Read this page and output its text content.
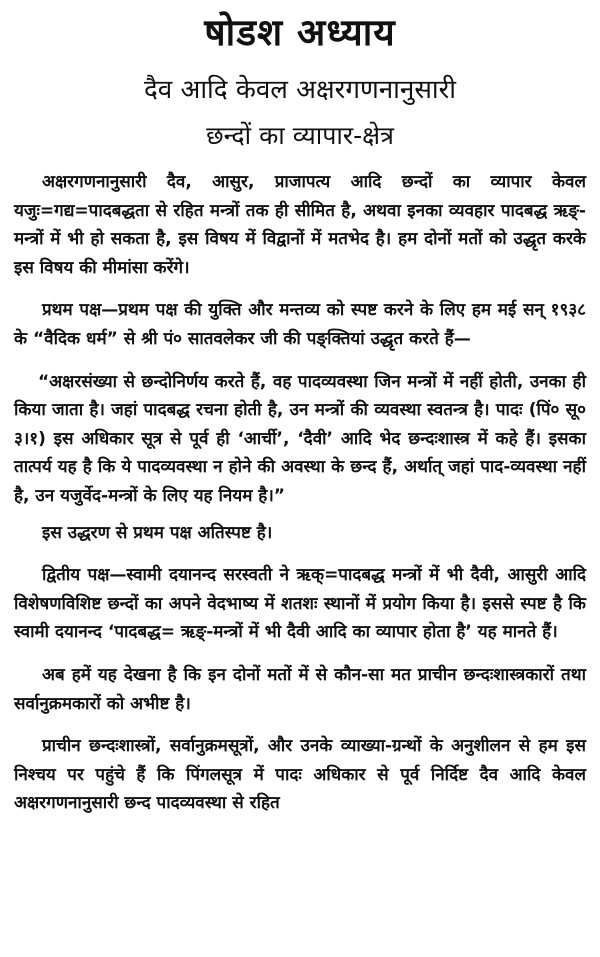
षोडश अध्याय
दैव आदि केवल अक्षरगणनानुसारी
छन्दों का व्यापार-क्षेत्र

अक्षरगणनानुसारी दैव, आसुर, प्राजापत्य आदि छन्दों का व्यापार केवल यजुः=गद्य=पादबद्धता से रहित मन्त्रों तक ही सीमित है, अथवा इनका व्यवहार पादबद्ध ऋङ्-मन्त्रों में भी हो सकता है, इस विषय में विद्वानों में मतभेद है। हम दोनों मतों को उद्धृत करके इस विषय की मीमांसा करेंगे।

प्रथम पक्ष—प्रथम पक्ष की युक्ति और मन्तव्य को स्पष्ट करने के लिए हम मई सन् १९३८ के “वैदिक धर्म” से श्री पं० सातवलेकर जी की पङ्क्तियां उद्धृत करते हैं—

“अक्षरसंख्या से छन्दोनिर्णय करते हैं, वह पादव्यवस्था जिन मन्त्रों में नहीं होती, उनका ही किया जाता है। जहां पादबद्ध रचना होती है, उन मन्त्रों की व्यवस्था स्वतन्त्र है। पादः (पिं० सू० ३।१) इस अधिकार सूत्र से पूर्व ही ‘आर्ची’, ‘दैवी’ आदि भेद छन्दःशास्त्र में कहे हैं। इसका तात्पर्य यह है कि ये पादव्यवस्था न होने की अवस्था के छन्द हैं, अर्थात् जहां पाद-व्यवस्था नहीं है, उन यजुर्वेद-मन्त्रों के लिए यह नियम है।”

इस उद्धरण से प्रथम पक्ष अतिस्पष्ट है।

द्वितीय पक्ष—स्वामी दयानन्द सरस्वती ने ऋक्=पादबद्ध मन्त्रों में भी दैवी, आसुरी आदि विशेषणविशिष्ट छन्दों का अपने वेदभाष्य में शतशः स्थानों में प्रयोग किया है। इससे स्पष्ट है कि स्वामी दयानन्द ‘पादबद्ध= ऋङ्-मन्त्रों में भी दैवी आदि का व्यापार होता है’ यह मानते हैं।

अब हमें यह देखना है कि इन दोनों मतों में से कौन-सा मत प्राचीन छन्दःशास्त्रकारों तथा सर्वानुक्रमकारों को अभीष्ट है।

प्राचीन छन्दःशास्त्रों, सर्वानुक्रमसूत्रों, और उनके व्याख्या-ग्रन्थों के अनुशीलन से हम इस निश्चय पर पहुंचे हैं कि पिंगलसूत्र में पादः अधिकार से पूर्व निर्दिष्ट दैव आदि केवल अक्षरगणनानुसारी छन्द पादव्यवस्था से रहित
